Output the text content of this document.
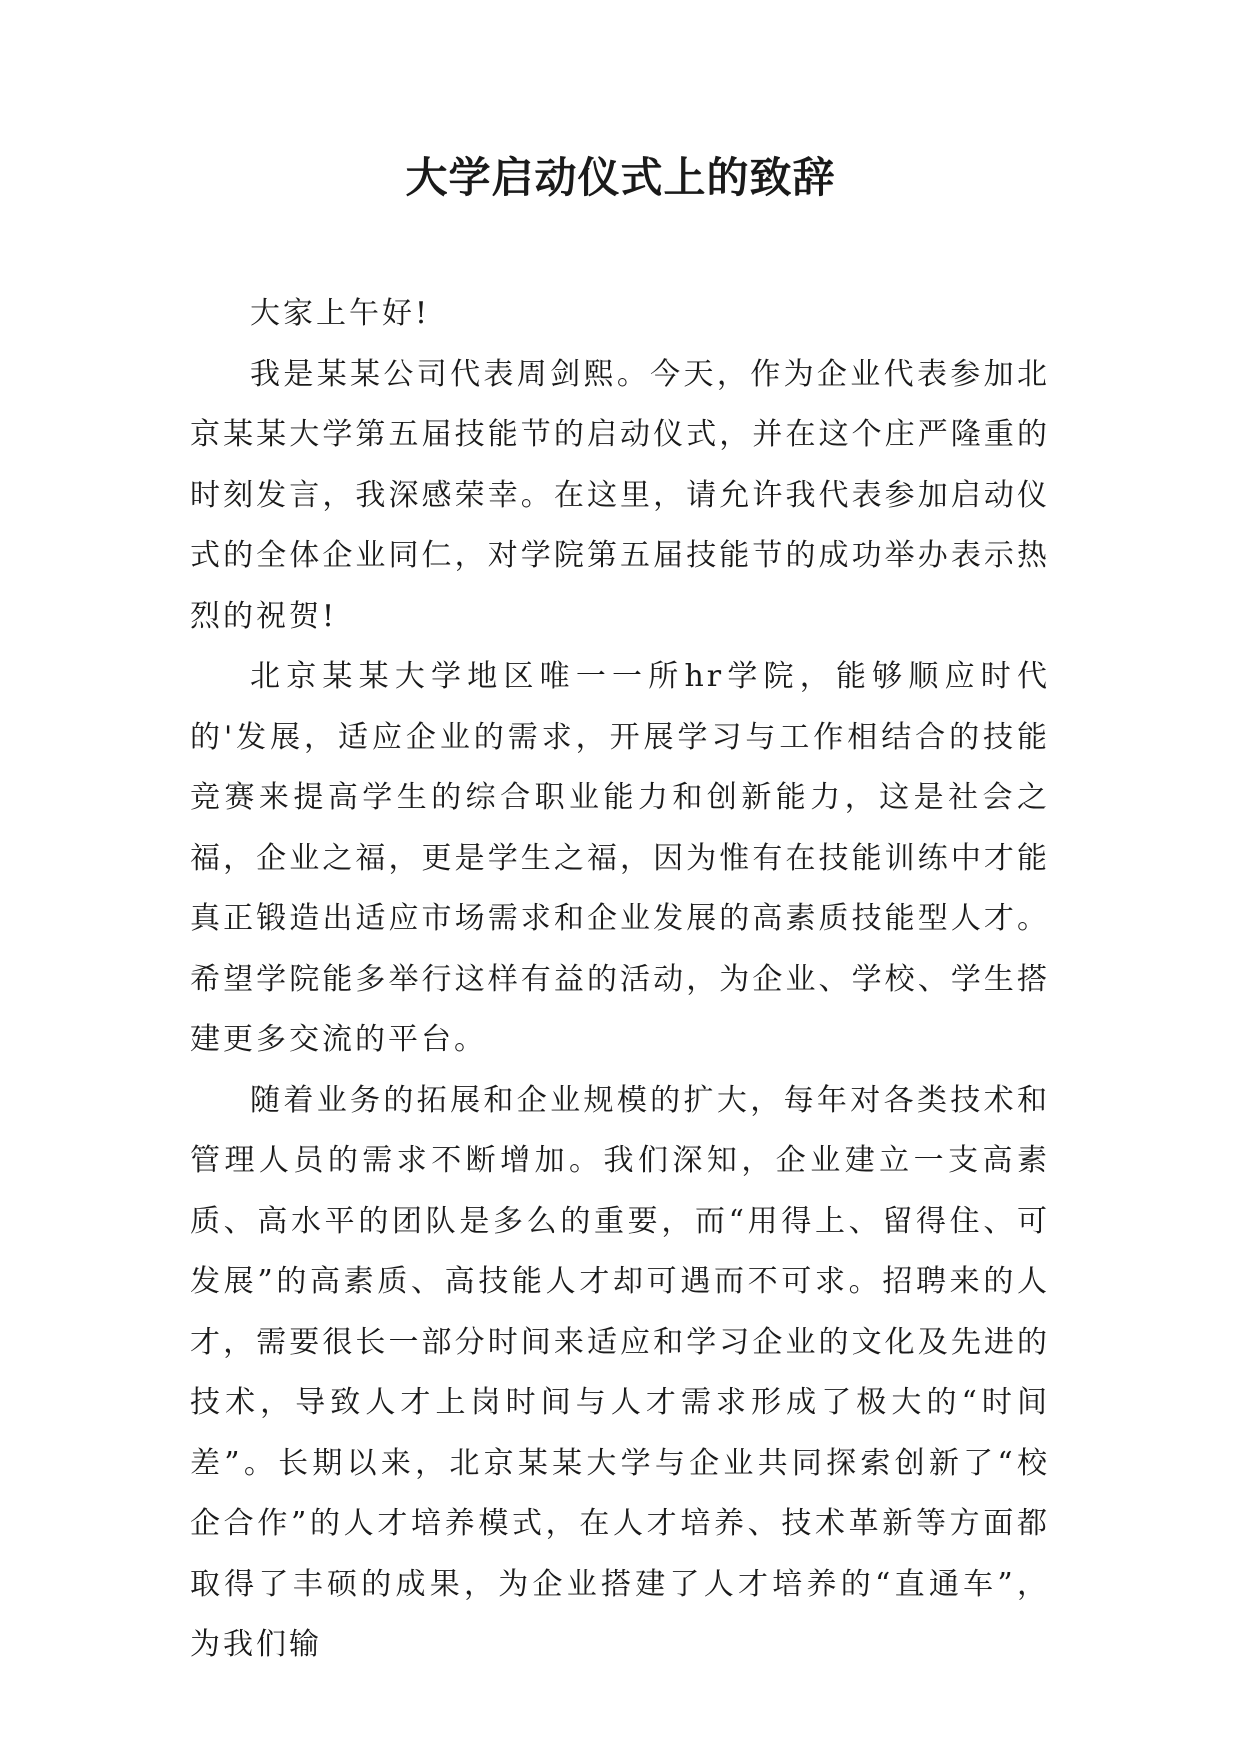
大学启动仪式上的致辞

大家上午好!

我是某某公司代表周剑熙。今天，作为企业代表参加北京某某大学第五届技能节的启动仪式，并在这个庄严隆重的时刻发言，我深感荣幸。在这里，请允许我代表参加启动仪式的全体企业同仁，对学院第五届技能节的成功举办表示热烈的祝贺!

北京某某大学地区唯一一所hr学院，能够顺应时代的'发展，适应企业的需求，开展学习与工作相结合的技能竞赛来提高学生的综合职业能力和创新能力，这是社会之福，企业之福，更是学生之福，因为惟有在技能训练中才能真正锻造出适应市场需求和企业发展的高素质技能型人才。希望学院能多举行这样有益的活动，为企业、学校、学生搭建更多交流的平台。

随着业务的拓展和企业规模的扩大，每年对各类技术和管理人员的需求不断增加。我们深知，企业建立一支高素质、高水平的团队是多么的重要，而“用得上、留得住、可发展”的高素质、高技能人才却可遇而不可求。招聘来的人才，需要很长一部分时间来适应和学习企业的文化及先进的技术，导致人才上岗时间与人才需求形成了极大的“时间差”。长期以来，北京某某大学与企业共同探索创新了“校企合作”的人才培养模式，在人才培养、技术革新等方面都取得了丰硕的成果，为企业搭建了人才培养的“直通车”，为我们输
